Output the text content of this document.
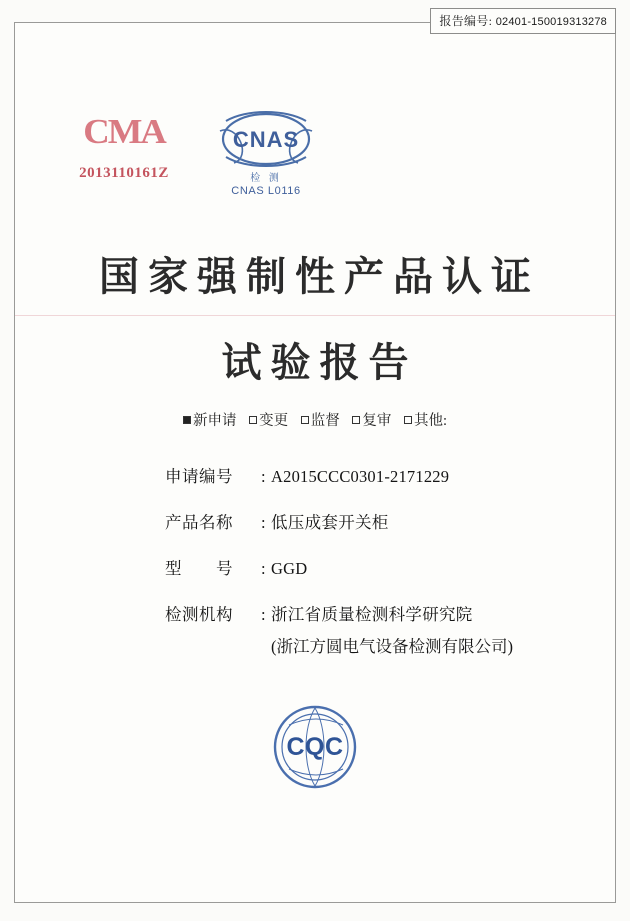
报告编号: 02401-150019313278
CMA
2013110161Z
CNAS
检 测
CNAS L0116
国家强制性产品认证
试验报告
新申请 变更 监督 复审 其他:
申请编号	: A2015CCC0301-2171229
产品名称	: 低压成套开关柜
型　　号	: GGD
检测机构	: 浙江省质量检测科学研究院
(浙江方圆电气设备检测有限公司)
CQC
